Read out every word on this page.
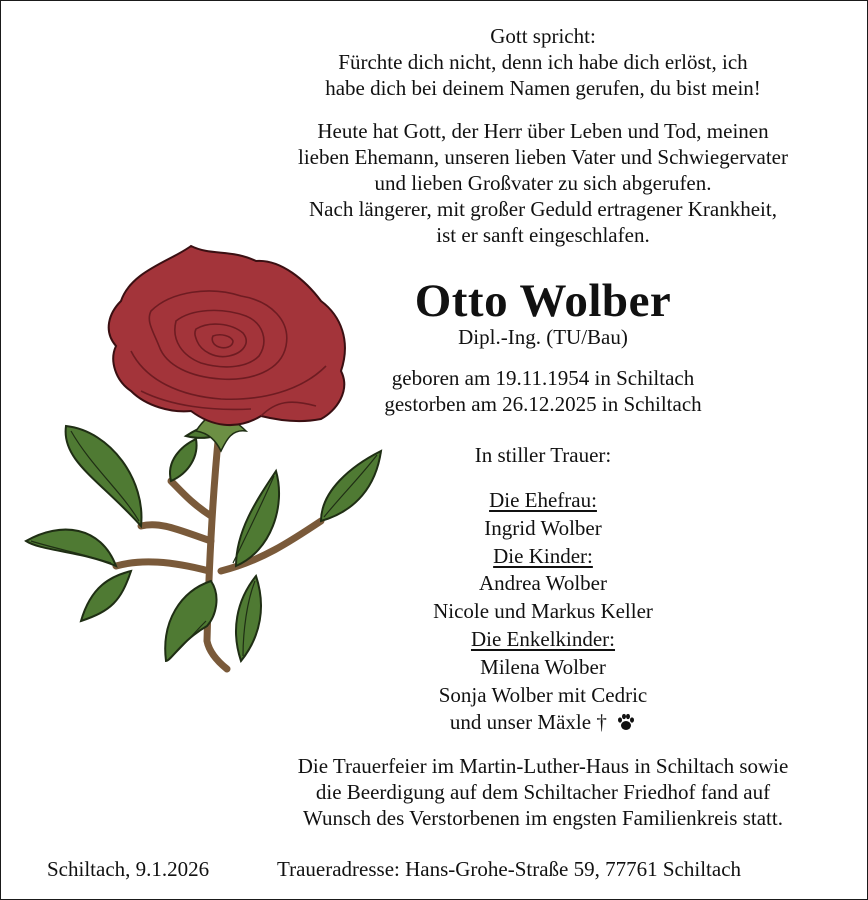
Gott spricht:
Fürchte dich nicht, denn ich habe dich erlöst, ich
habe dich bei deinem Namen gerufen, du bist mein!
Heute hat Gott, der Herr über Leben und Tod, meinen
lieben Ehemann, unseren lieben Vater und Schwiegervater
und lieben Großvater zu sich abgerufen.
Nach längerer, mit großer Geduld ertragener Krankheit,
ist er sanft eingeschlafen.
Otto Wolber
Dipl.-Ing. (TU/Bau)
geboren am 19.11.1954 in Schiltach
gestorben am 26.12.2025 in Schiltach
In stiller Trauer:
Die Ehefrau:
Ingrid Wolber
Die Kinder:
Andrea Wolber
Nicole und Markus Keller
Die Enkelkinder:
Milena Wolber
Sonja Wolber mit Cedric
und unser Mäxle †
Die Trauerfeier im Martin-Luther-Haus in Schiltach sowie
die Beerdigung auf dem Schiltacher Friedhof fand auf
Wunsch des Verstorbenen im engsten Familienkreis statt.
Schiltach, 9.1.2026	Traueradresse: Hans-Grohe-Straße 59, 77761 Schiltach
